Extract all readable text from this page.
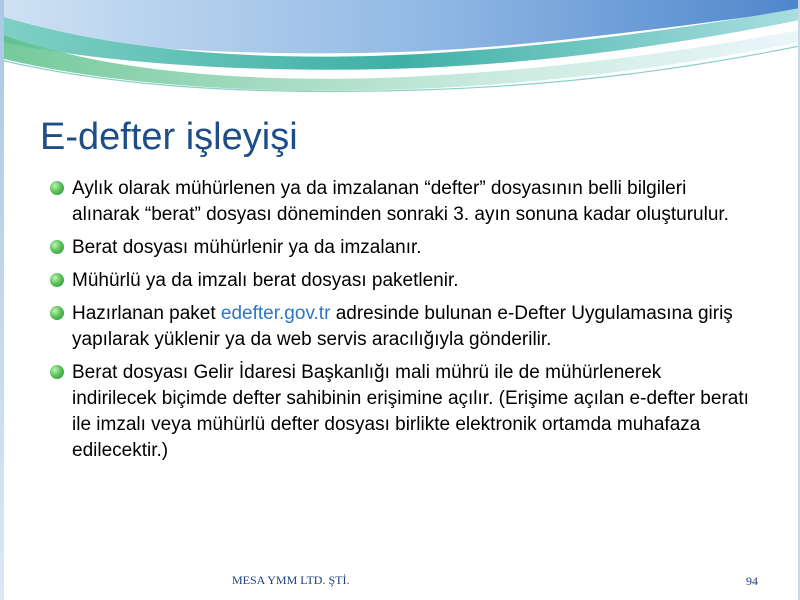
E-defter işleyişi
Aylık olarak mühürlenen ya da imzalanan “defter” dosyasının belli bilgileri alınarak “berat” dosyası döneminden sonraki 3. ayın sonuna kadar oluşturulur.
Berat dosyası mühürlenir ya da imzalanır.
Mühürlü ya da imzalı berat dosyası paketlenir.
Hazırlanan paket edefter.gov.tr adresinde bulunan e-Defter Uygulamasına giriş yapılarak yüklenir ya da web servis aracılığıyla gönderilir.
Berat dosyası Gelir İdaresi Başkanlığı mali mührü ile de mühürlenerek indirilecek biçimde defter sahibinin erişimine açılır. (Erişime açılan e-defter beratı ile imzalı veya mühürlü defter dosyası birlikte elektronik ortamda muhafaza edilecektir.)
MESA YMM LTD. ŞTİ.	94
